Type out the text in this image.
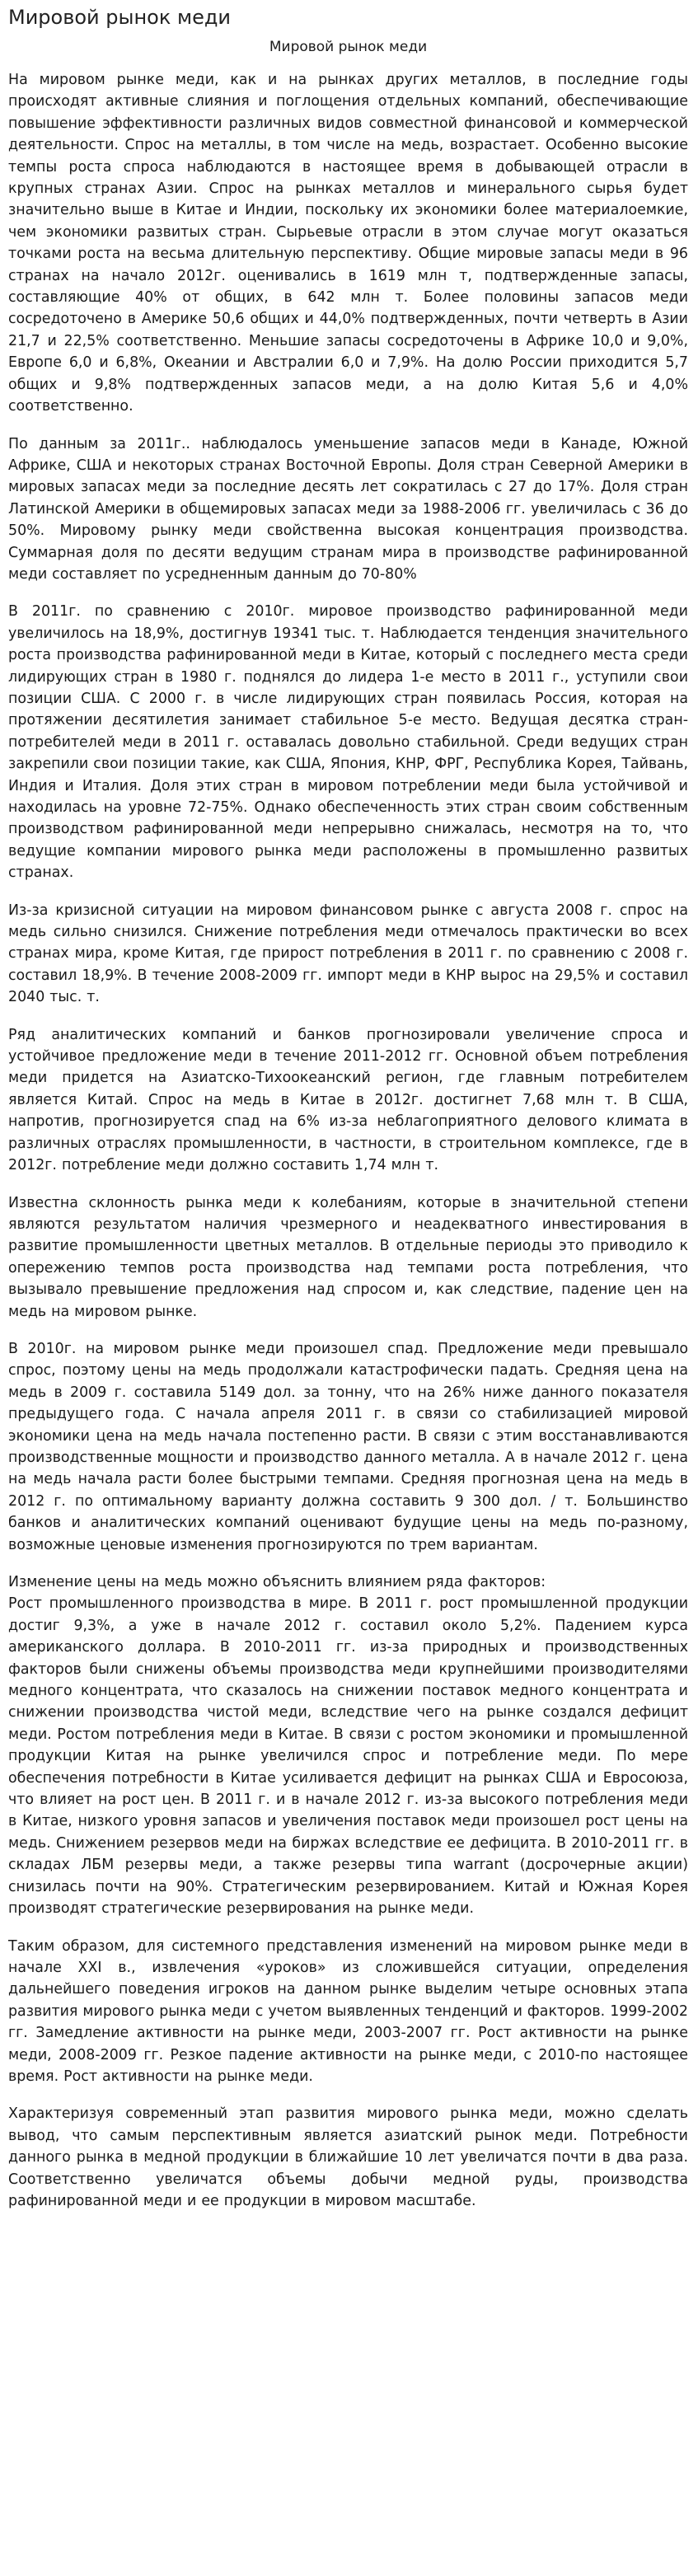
Мировой рынок меди
Мировой рынок меди

На мировом рынке меди, как и на рынках других металлов, в последние годы происходят активные слияния и поглощения отдельных компаний, обеспечивающие повышение эффективности различных видов совместной финансовой и коммерческой деятельности. Спрос на металлы, в том числе на медь, возрастает. Особенно высокие темпы роста спроса наблюдаются в настоящее время в добывающей отрасли в крупных странах Азии. Спрос на рынках металлов и минерального сырья будет значительно выше в Китае и Индии, поскольку их экономики более материалоемкие, чем экономики развитых стран. Сырьевые отрасли в этом случае могут оказаться точками роста на весьма длительную перспективу. Общие мировые запасы меди в 96 странах на начало 2012г. оценивались в 1619 млн т, подтвержденные запасы, составляющие 40% от общих, в 642 млн т. Более половины запасов меди сосредоточено в Америке 50,6 общих и 44,0% подтвержденных, почти четверть в Азии 21,7 и 22,5% соответственно. Меньшие запасы сосредоточены в Африке 10,0 и 9,0%, Европе 6,0 и 6,8%, Океании и Австралии 6,0 и 7,9%. На долю России приходится 5,7 общих и 9,8% подтвержденных запасов меди, а на долю Китая 5,6 и 4,0% соответственно.

По данным за 2011г.. наблюдалось уменьшение запасов меди в Канаде, Южной Африке, США и некоторых странах Восточной Европы. Доля стран Северной Америки в мировых запасах меди за последние десять лет сократилась с 27 до 17%. Доля стран Латинской Америки в общемировых запасах меди за 1988-2006 гг. увеличилась с 36 до 50%. Мировому рынку меди свойственна высокая концентрация производства. Суммарная доля по десяти ведущим странам мира в производстве рафинированной меди составляет по усредненным данным до 70-80%

В 2011г. по сравнению с 2010г. мировое производство рафинированной меди увеличилось на 18,9%, достигнув 19341 тыс. т. Наблюдается тенденция значительного роста производства рафинированной меди в Китае, который с последнего места среди лидирующих стран в 1980 г. поднялся до лидера 1-е место в 2011 г., уступили свои позиции США. С 2000 г. в числе лидирующих стран появилась Россия, которая на протяжении десятилетия занимает стабильное 5-е место. Ведущая десятка стран-потребителей меди в 2011 г. оставалась довольно стабильной. Среди ведущих стран закрепили свои позиции такие, как США, Япония, КНР, ФРГ, Республика Корея, Тайвань, Индия и Италия. Доля этих стран в мировом потреблении меди была устойчивой и находилась на уровне 72-75%. Однако обеспеченность этих стран своим собственным производством рафинированной меди непрерывно снижалась, несмотря на то, что ведущие компании мирового рынка меди расположены в промышленно развитых странах.

Из-за кризисной ситуации на мировом финансовом рынке с августа 2008 г. спрос на медь сильно снизился. Снижение потребления меди отмечалось практически во всех странах мира, кроме Китая, где прирост потребления в 2011 г. по сравнению с 2008 г. составил 18,9%. В течение 2008-2009 гг. импорт меди в КНР вырос на 29,5% и составил 2040 тыс. т.

Ряд аналитических компаний и банков прогнозировали увеличение спроса и устойчивое предложение меди в течение 2011-2012 гг. Основной объем потребления меди придется на Азиатско-Тихоокеанский регион, где главным потребителем является Китай. Спрос на медь в Китае в 2012г. достигнет 7,68 млн т. В США, напротив, прогнозируется спад на 6% из-за неблагоприятного делового климата в различных отраслях промышленности, в частности, в строительном комплексе, где в 2012г. потребление меди должно составить 1,74 млн т.

Известна склонность рынка меди к колебаниям, которые в значительной степени являются результатом наличия чрезмерного и неадекватного инвестирования в развитие промышленности цветных металлов. В отдельные периоды это приводило к опережению темпов роста производства над темпами роста потребления, что вызывало превышение предложения над спросом и, как следствие, падение цен на медь на мировом рынке.

В 2010г. на мировом рынке меди произошел спад. Предложение меди превышало спрос, поэтому цены на медь продолжали катастрофически падать. Средняя цена на медь в 2009 г. составила 5149 дол. за тонну, что на 26% ниже данного показателя предыдущего года. С начала апреля 2011 г. в связи со стабилизацией мировой экономики цена на медь начала постепенно расти. В связи с этим восстанавливаются производственные мощности и производство данного металла. А в начале 2012 г. цена на медь начала расти более быстрыми темпами. Средняя прогнозная цена на медь в 2012 г. по оптимальному варианту должна составить 9 300 дол. / т. Большинство банков и аналитических компаний оценивают будущие цены на медь по-разному, возможные ценовые изменения прогнозируются по трем вариантам.

Изменение цены на медь можно объяснить влиянием ряда факторов:

Рост промышленного производства в мире. В 2011 г. рост промышленной продукции достиг 9,3%, а уже в начале 2012 г. составил около 5,2%. Падением курса американского доллара. В 2010-2011 гг. из-за природных и производственных факторов были снижены объемы производства меди крупнейшими производителями медного концентрата, что сказалось на снижении поставок медного концентрата и снижении производства чистой меди, вследствие чего на рынке создался дефицит меди. Ростом потребления меди в Китае. В связи с ростом экономики и промышленной продукции Китая на рынке увеличился спрос и потребление меди. По мере обеспечения потребности в Китае усиливается дефицит на рынках США и Евросоюза, что влияет на рост цен. В 2011 г. и в начале 2012 г. из-за высокого потребления меди в Китае, низкого уровня запасов и увеличения поставок меди произошел рост цены на медь. Снижением резервов меди на биржах вследствие ее дефицита. В 2010-2011 гг. в складах ЛБМ резервы меди, а также резервы типа warrant (досрочерные акции) снизилась почти на 90%. Стратегическим резервированием. Китай и Южная Корея производят стратегические резервирования на рынке меди.

Таким образом, для системного представления изменений на мировом рынке меди в начале XXI в., извлечения «уроков» из сложившейся ситуации, определения дальнейшего поведения игроков на данном рынке выделим четыре основных этапа развития мирового рынка меди с учетом выявленных тенденций и факторов. 1999-2002 гг. Замедление активности на рынке меди, 2003-2007 гг. Рост активности на рынке меди, 2008-2009 гг. Резкое падение активности на рынке меди, с 2010-по настоящее время. Рост активности на рынке меди.

Характеризуя современный этап развития мирового рынка меди, можно сделать вывод, что самым перспективным является азиатский рынок меди. Потребности данного рынка в медной продукции в ближайшие 10 лет увеличатся почти в два раза. Соответственно увеличатся объемы добычи медной руды, производства рафинированной меди и ее продукции в мировом масштабе.
